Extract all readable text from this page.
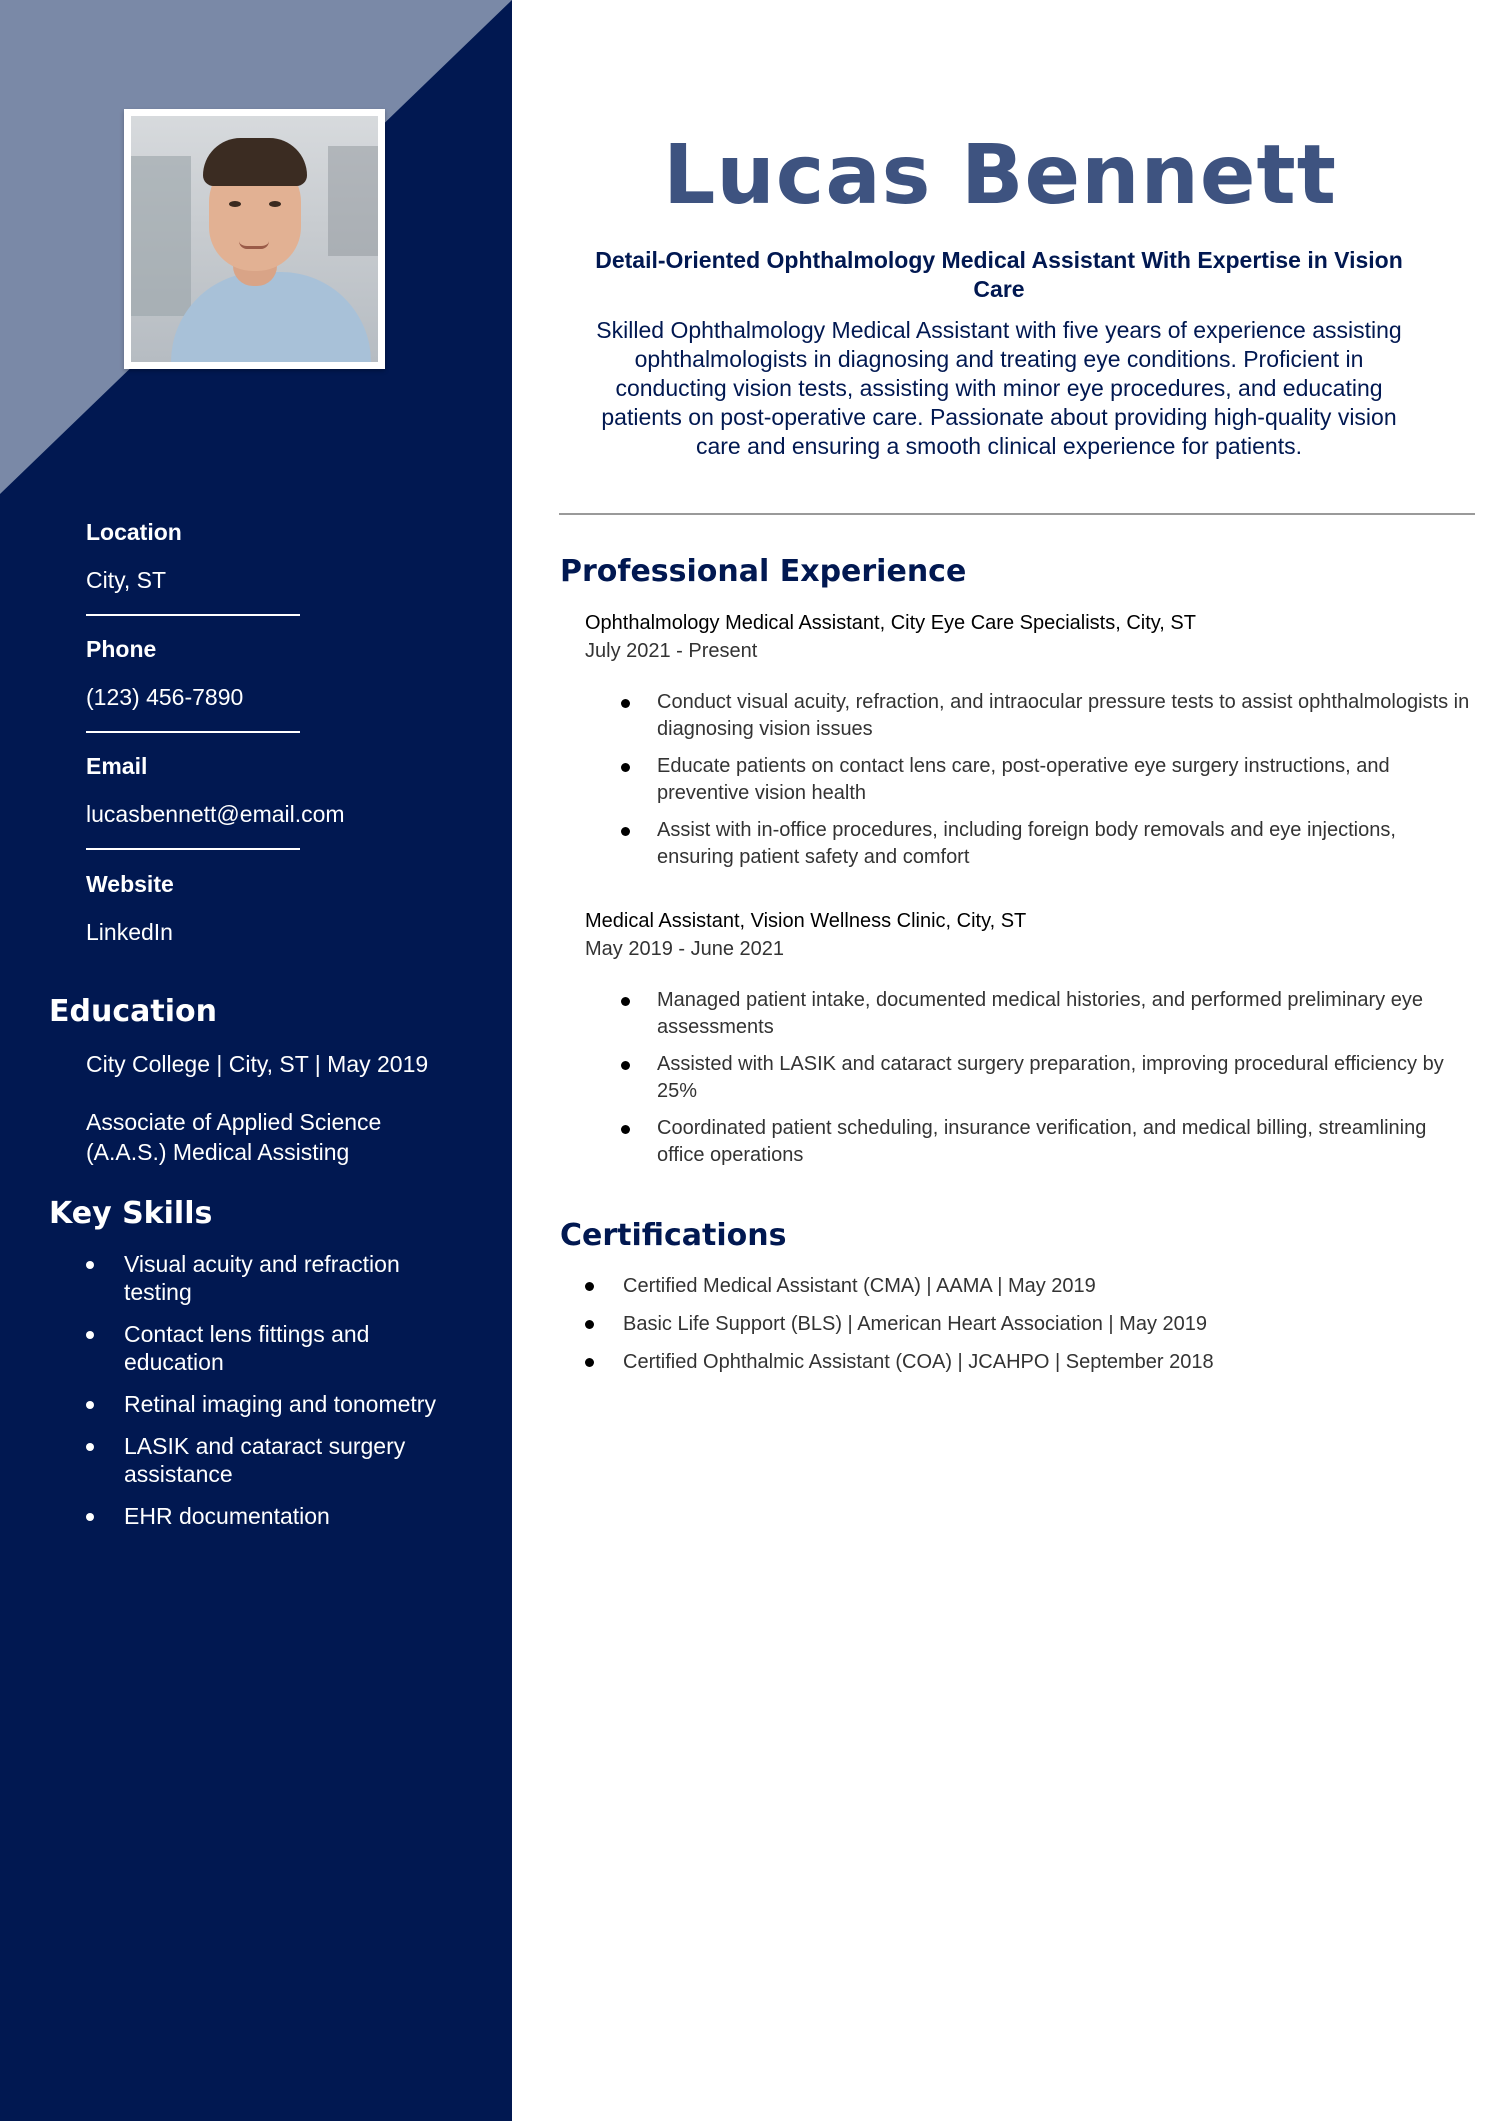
Location
City, ST
Phone
(123) 456-7890
Email
lucasbennett@email.com
Website
LinkedIn
Education
City College | City, ST | May 2019
Associate of Applied Science (A.A.S.) Medical Assisting
Key Skills
Visual acuity and refraction testing
Contact lens fittings and education
Retinal imaging and tonometry
LASIK and cataract surgery assistance
EHR documentation
Lucas Bennett
Detail-Oriented Ophthalmology Medical Assistant With Expertise in Vision Care
Skilled Ophthalmology Medical Assistant with five years of experience assisting ophthalmologists in diagnosing and treating eye conditions. Proficient in conducting vision tests, assisting with minor eye procedures, and educating patients on post-operative care. Passionate about providing high-quality vision care and ensuring a smooth clinical experience for patients.
Professional Experience
Ophthalmology Medical Assistant, City Eye Care Specialists, City, ST
July 2021 - Present
Conduct visual acuity, refraction, and intraocular pressure tests to assist ophthalmologists in diagnosing vision issues
Educate patients on contact lens care, post-operative eye surgery instructions, and preventive vision health
Assist with in-office procedures, including foreign body removals and eye injections, ensuring patient safety and comfort
Medical Assistant, Vision Wellness Clinic, City, ST
May 2019 - June 2021
Managed patient intake, documented medical histories, and performed preliminary eye assessments
Assisted with LASIK and cataract surgery preparation, improving procedural efficiency by 25%
Coordinated patient scheduling, insurance verification, and medical billing, streamlining office operations
Certifications
Certified Medical Assistant (CMA) | AAMA | May 2019
Basic Life Support (BLS) | American Heart Association | May 2019
Certified Ophthalmic Assistant (COA) | JCAHPO | September 2018
